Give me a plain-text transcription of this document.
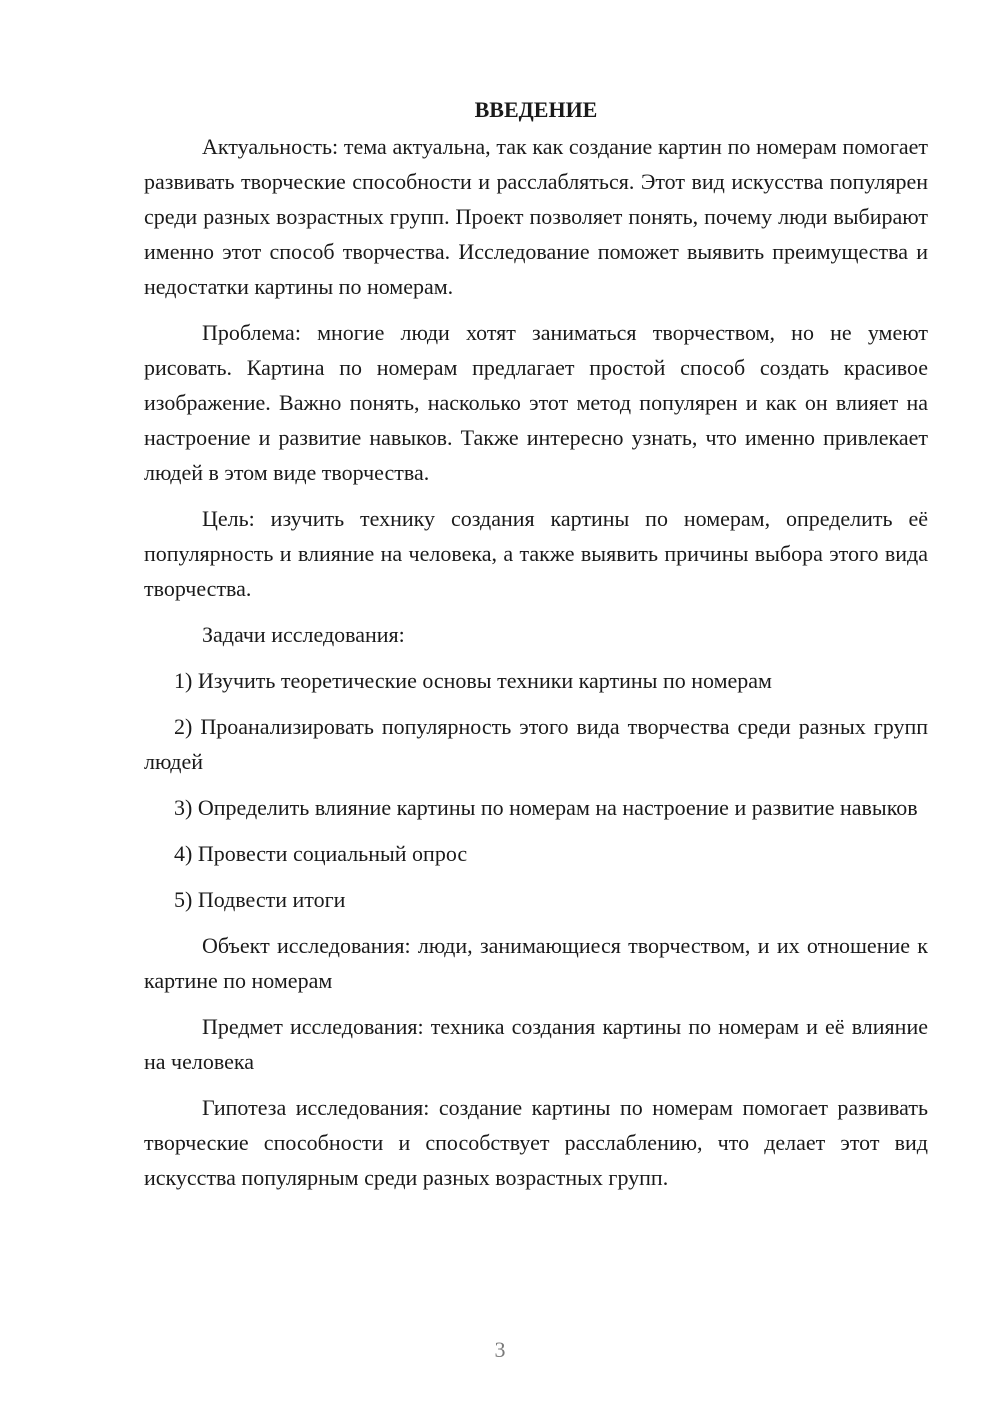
ВВЕДЕНИЕ

Актуальность: тема актуальна, так как создание картин по номерам помогает развивать творческие способности и расслабляться. Этот вид искусства популярен среди разных возрастных групп. Проект позволяет понять, почему люди выбирают именно этот способ творчества. Исследование поможет выявить преимущества и недостатки картины по номерам.

Проблема: многие люди хотят заниматься творчеством, но не умеют рисовать. Картина по номерам предлагает простой способ создать красивое изображение. Важно понять, насколько этот метод популярен и как он влияет на настроение и развитие навыков. Также интересно узнать, что именно привлекает людей в этом виде творчества.

Цель: изучить технику создания картины по номерам, определить её популярность и влияние на человека, а также выявить причины выбора этого вида творчества.

Задачи исследования:

1) Изучить теоретические основы техники картины по номерам

2) Проанализировать популярность этого вида творчества среди разных групп людей

3) Определить влияние картины по номерам на настроение и развитие навыков

4) Провести социальный опрос

5) Подвести итоги

Объект исследования: люди, занимающиеся творчеством, и их отношение к картине по номерам

Предмет исследования: техника создания картины по номерам и её влияние на человека

Гипотеза исследования: создание картины по номерам помогает развивать творческие способности и способствует расслаблению, что делает этот вид искусства популярным среди разных возрастных групп.

3
